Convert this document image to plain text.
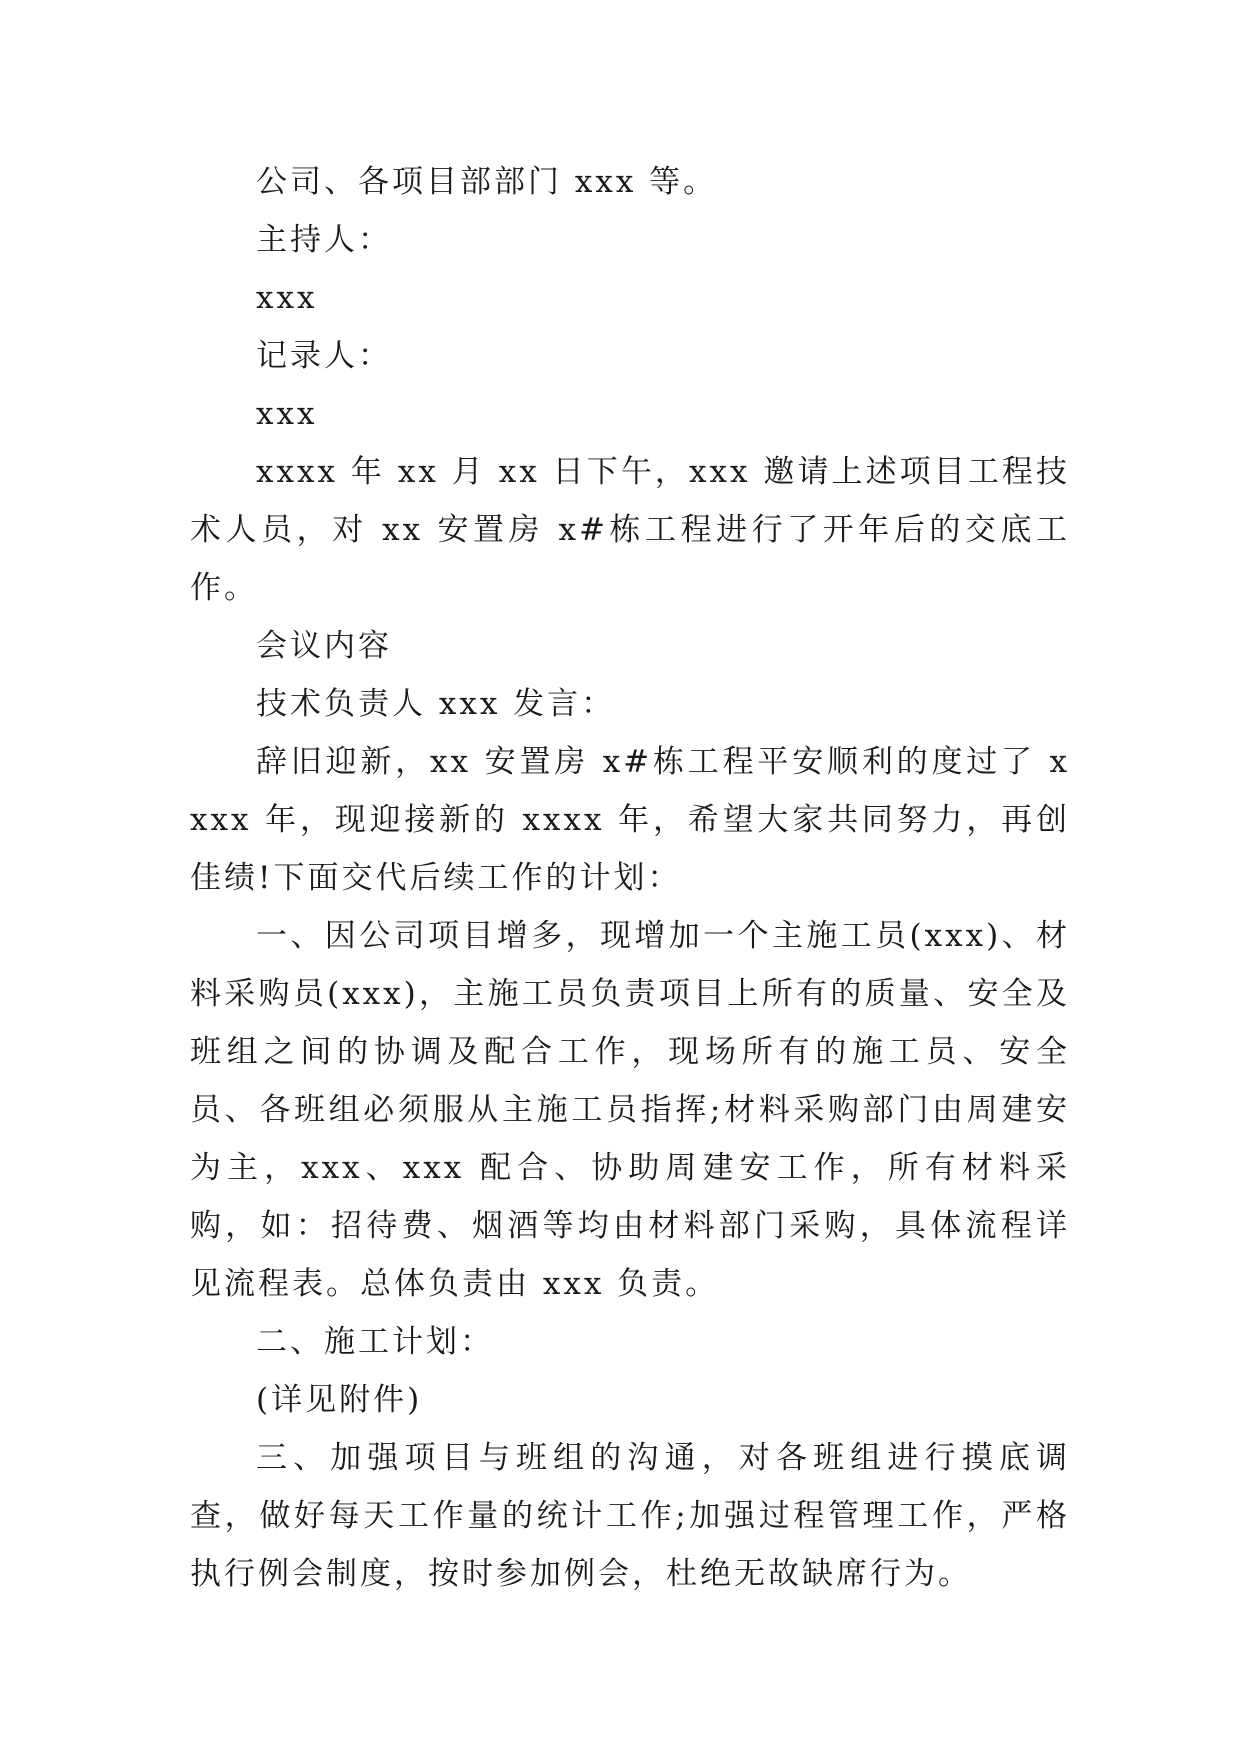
公司、各项目部部门 xxx 等。

主持人：

xxx

记录人：

xxx

xxxx 年 xx 月 xx 日下午，xxx 邀请上述项目工程技术人员，对 xx 安置房 x#栋工程进行了开年后的交底工作。

会议内容

技术负责人 xxx 发言：

辞旧迎新，xx 安置房 x#栋工程平安顺利的度过了 xxxx 年，现迎接新的 xxxx 年，希望大家共同努力，再创佳绩!下面交代后续工作的计划：

一、因公司项目增多，现增加一个主施工员(xxx)、材料采购员(xxx)，主施工员负责项目上所有的质量、安全及班组之间的协调及配合工作，现场所有的施工员、安全员、各班组必须服从主施工员指挥;材料采购部门由周建安为主，xxx、xxx 配合、协助周建安工作，所有材料采购，如：招待费、烟酒等均由材料部门采购，具体流程详见流程表。总体负责由 xxx 负责。

二、施工计划：

(详见附件)

三、加强项目与班组的沟通，对各班组进行摸底调查，做好每天工作量的统计工作;加强过程管理工作，严格执行例会制度，按时参加例会，杜绝无故缺席行为。
